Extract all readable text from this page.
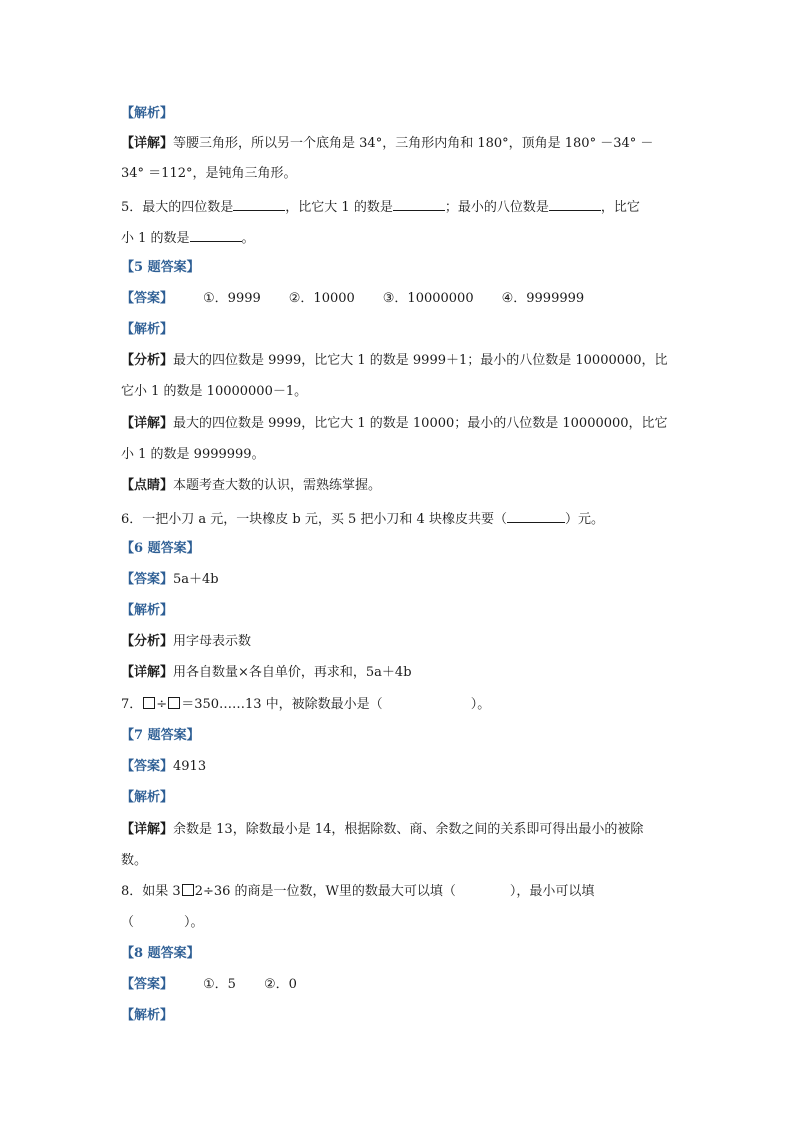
【解析】
【详解】等腰三角形，所以另一个底角是 34°，三角形内角和 180°，顶角是 180° －34° －
34° ＝112°，是钝角三角形。
5．最大的四位数是	，比它大 1 的数是	；最小的八位数是	，比它
小 1 的数是	。
【5 题答案】
【答案】 ①．9999 ②．10000 ③．10000000 ④．9999999
【解析】
【分析】最大的四位数是 9999，比它大 1 的数是 9999＋1；最小的八位数是 10000000，比
它小 1 的数是 10000000－1。
【详解】最大的四位数是 9999，比它大 1 的数是 10000；最小的八位数是 10000000，比它
小 1 的数是 9999999。
【点睛】本题考查大数的认识，需熟练掌握。
6．一把小刀 a 元，一块橡皮 b 元，买 5 把小刀和 4 块橡皮共要（	）元。
【6 题答案】
【答案】5a＋4b
【解析】
【分析】用字母表示数
【详解】用各自数量×各自单价，再求和，5a＋4b
7． ÷ ＝350……13 中，被除数最小是（	）。
【7 题答案】
【答案】4913
【解析】
【详解】余数是 13，除数最小是 14，根据除数、商、余数之间的关系即可得出最小的被除
数。
8．如果 3 2÷36 的商是一位数，W里的数最大可以填（	），最小可以填
（	）。
【8 题答案】
【答案】 ①．5 ②．0
【解析】
